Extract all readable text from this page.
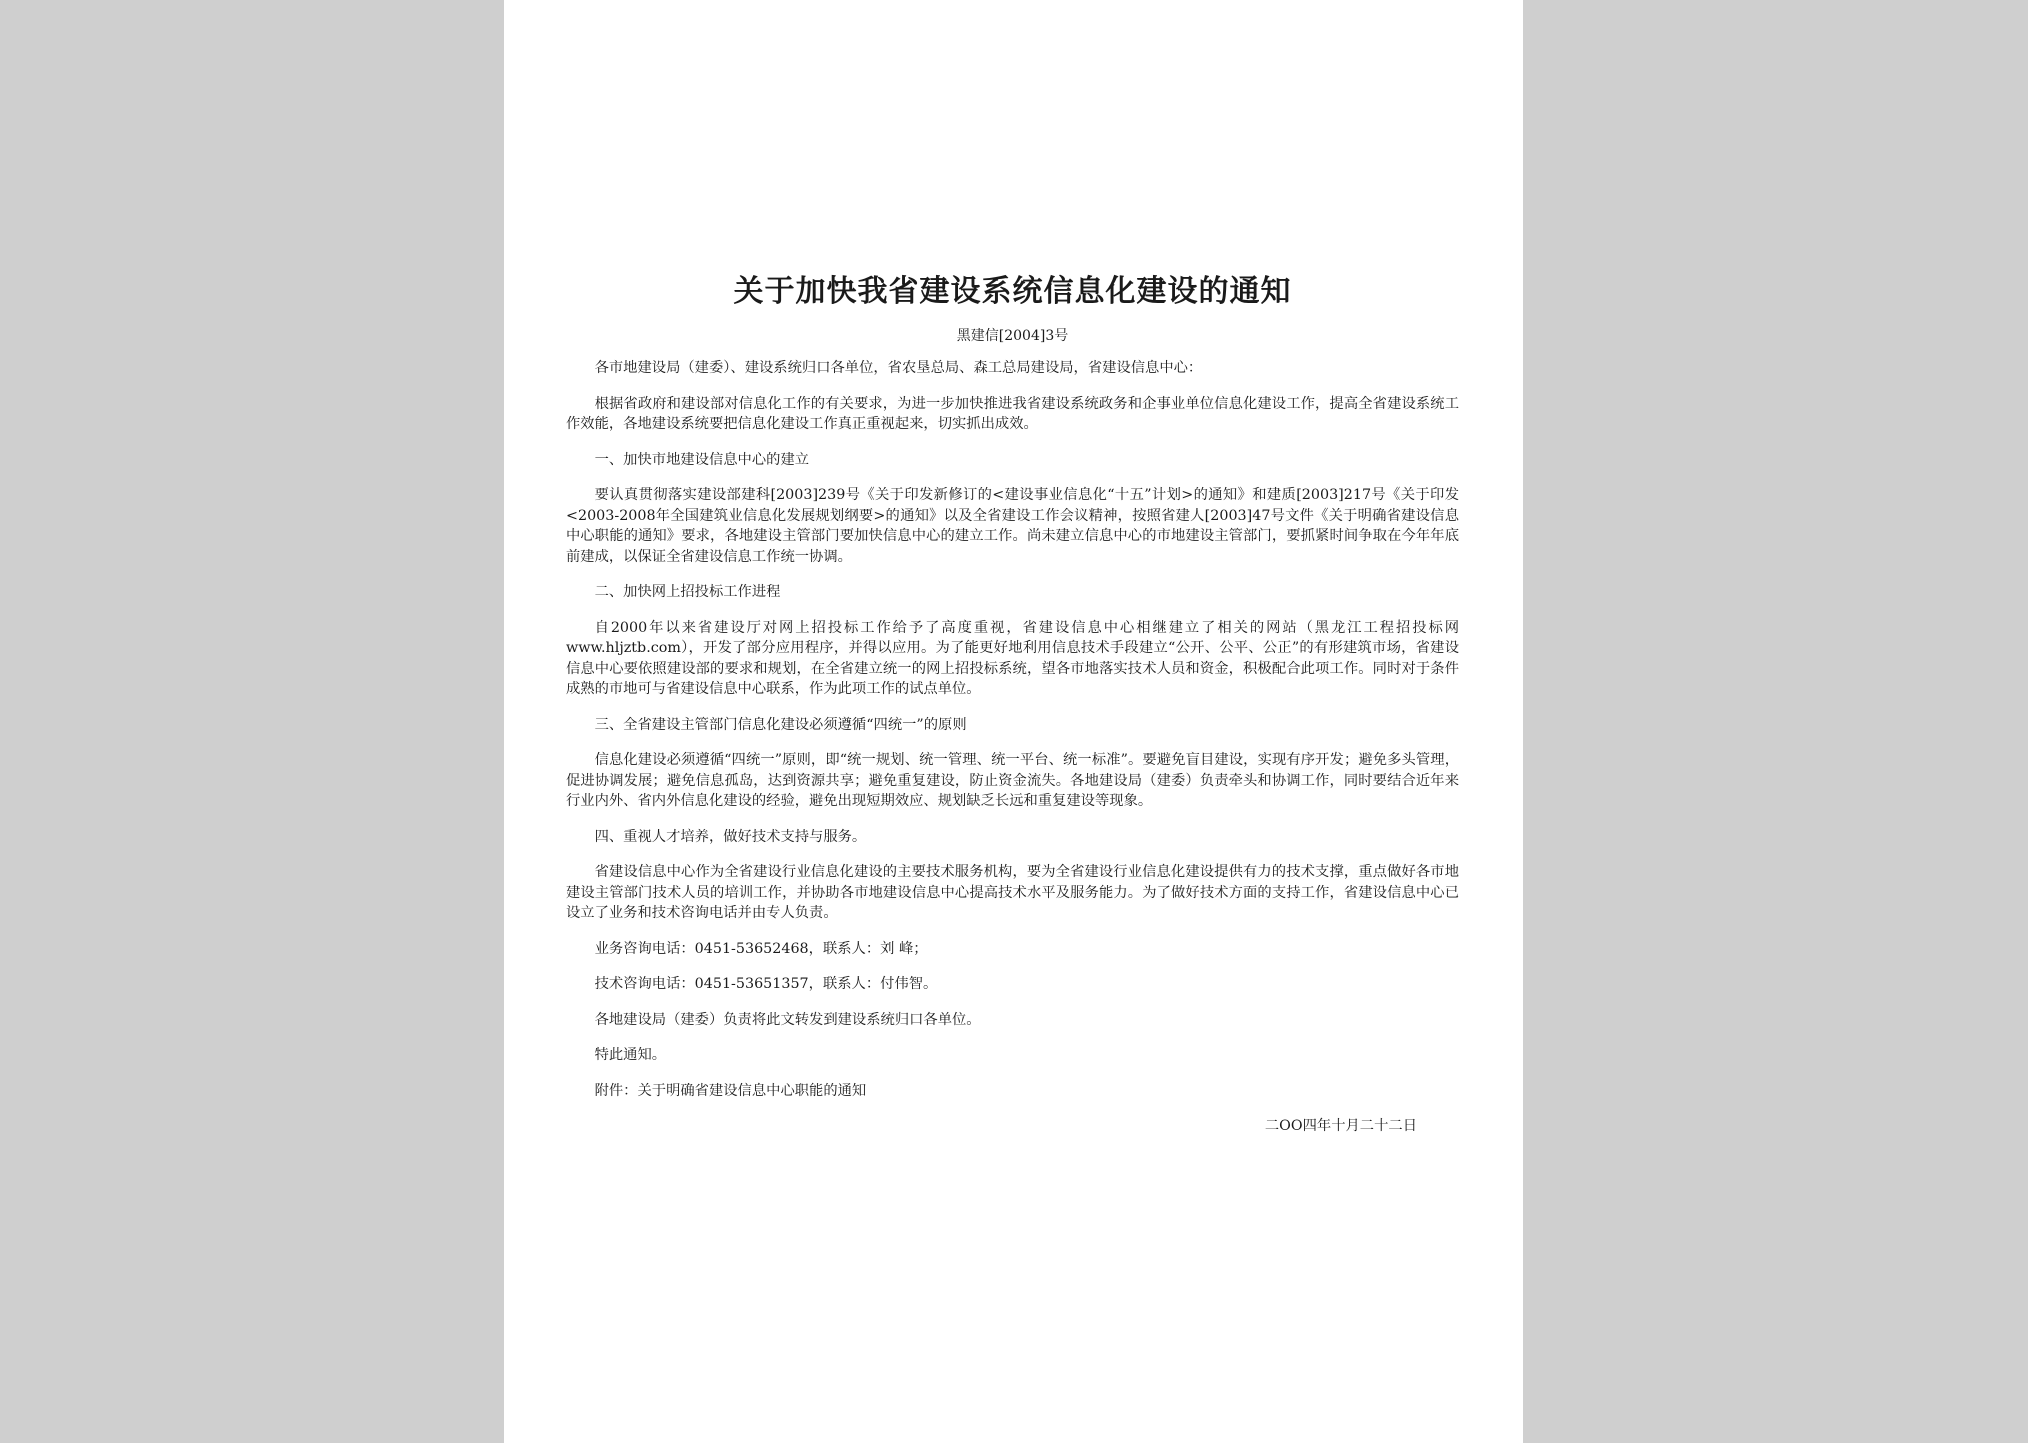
关于加快我省建设系统信息化建设的通知
黑建信[2004]3号

各市地建设局（建委）、建设系统归口各单位，省农垦总局、森工总局建设局，省建设信息中心：

根据省政府和建设部对信息化工作的有关要求，为进一步加快推进我省建设系统政务和企事业单位信息化建设工作，提高全省建设系统工作效能，各地建设系统要把信息化建设工作真正重视起来，切实抓出成效。

一、加快市地建设信息中心的建立

要认真贯彻落实建设部建科[2003]239号《关于印发新修订的<建设事业信息化“十五”计划>的通知》和建质[2003]217号《关于印发<2003-2008年全国建筑业信息化发展规划纲要>的通知》以及全省建设工作会议精神，按照省建人[2003]47号文件《关于明确省建设信息中心职能的通知》要求，各地建设主管部门要加快信息中心的建立工作。尚未建立信息中心的市地建设主管部门，要抓紧时间争取在今年年底前建成，以保证全省建设信息工作统一协调。

二、加快网上招投标工作进程

自2000年以来省建设厅对网上招投标工作给予了高度重视，省建设信息中心相继建立了相关的网站（黑龙江工程招投标网www.hljztb.com），开发了部分应用程序，并得以应用。为了能更好地利用信息技术手段建立“公开、公平、公正”的有形建筑市场，省建设信息中心要依照建设部的要求和规划，在全省建立统一的网上招投标系统，望各市地落实技术人员和资金，积极配合此项工作。同时对于条件成熟的市地可与省建设信息中心联系，作为此项工作的试点单位。

三、全省建设主管部门信息化建设必须遵循“四统一”的原则

信息化建设必须遵循“四统一”原则，即“统一规划、统一管理、统一平台、统一标准”。要避免盲目建设，实现有序开发；避免多头管理，促进协调发展；避免信息孤岛，达到资源共享；避免重复建设，防止资金流失。各地建设局（建委）负责牵头和协调工作，同时要结合近年来行业内外、省内外信息化建设的经验，避免出现短期效应、规划缺乏长远和重复建设等现象。

四、重视人才培养，做好技术支持与服务。

省建设信息中心作为全省建设行业信息化建设的主要技术服务机构，要为全省建设行业信息化建设提供有力的技术支撑，重点做好各市地建设主管部门技术人员的培训工作，并协助各市地建设信息中心提高技术水平及服务能力。为了做好技术方面的支持工作，省建设信息中心已设立了业务和技术咨询电话并由专人负责。

业务咨询电话：0451-53652468，联系人：刘 峰；

技术咨询电话：0451-53651357，联系人：付伟智。

各地建设局（建委）负责将此文转发到建设系统归口各单位。

特此通知。

附件：关于明确省建设信息中心职能的通知

二OO四年十月二十二日
